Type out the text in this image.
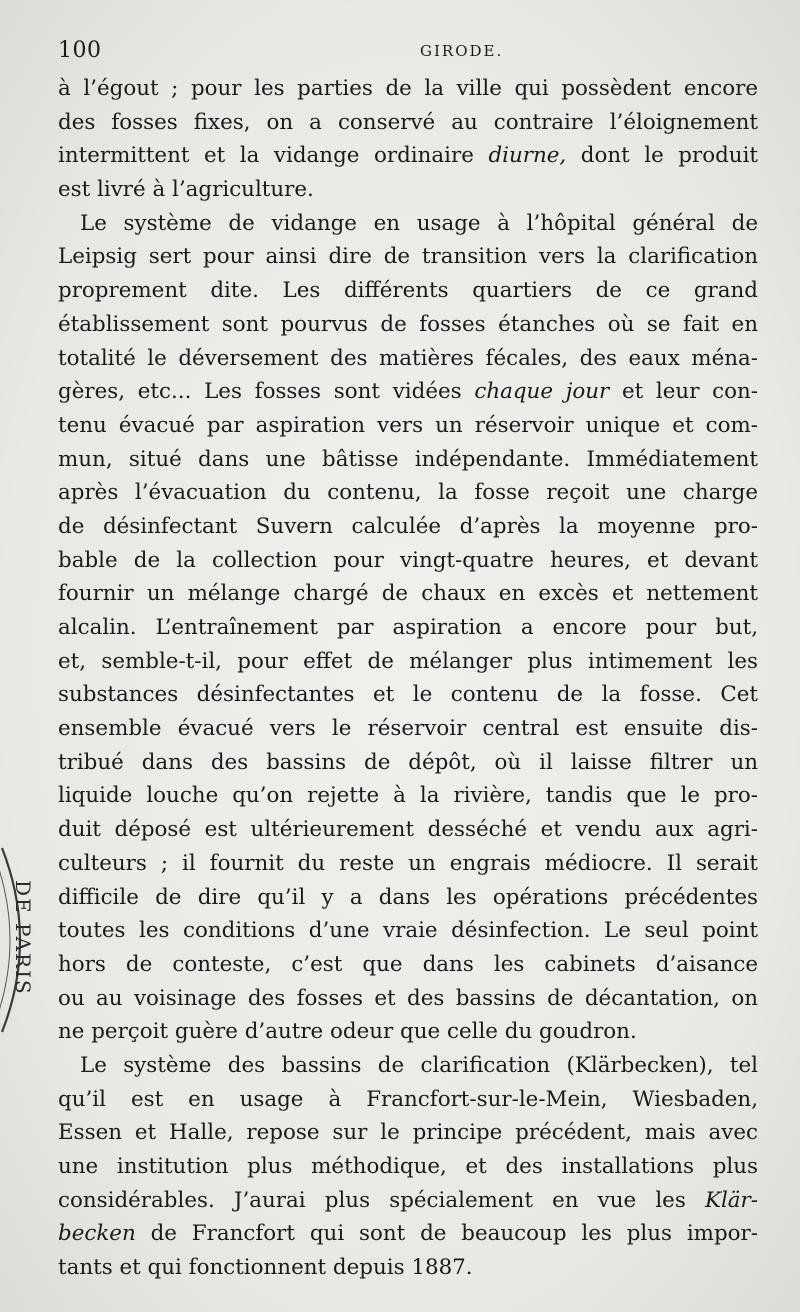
100	GIRODE.
DE PARIS
à l’égout ; pour les parties de la ville qui possèdent encore
des fosses fixes, on a conservé au contraire l’éloignement
intermittent et la vidange ordinaire diurne, dont le produit
est livré à l’agriculture.
Le système de vidange en usage à l’hôpital général de
Leipsig sert pour ainsi dire de transition vers la clarification
proprement dite. Les différents quartiers de ce grand
établissement sont pourvus de fosses étanches où se fait en
totalité le déversement des matières fécales, des eaux ména-
gères, etc... Les fosses sont vidées chaque jour et leur con-
tenu évacué par aspiration vers un réservoir unique et com-
mun, situé dans une bâtisse indépendante. Immédiatement
après l’évacuation du contenu, la fosse reçoit une charge
de désinfectant Suvern calculée d’après la moyenne pro-
bable de la collection pour vingt-quatre heures, et devant
fournir un mélange chargé de chaux en excès et nettement
alcalin. L’entraînement par aspiration a encore pour but,
et, semble-t-il, pour effet de mélanger plus intimement les
substances désinfectantes et le contenu de la fosse. Cet
ensemble évacué vers le réservoir central est ensuite dis-
tribué dans des bassins de dépôt, où il laisse filtrer un
liquide louche qu’on rejette à la rivière, tandis que le pro-
duit déposé est ultérieurement desséché et vendu aux agri-
culteurs ; il fournit du reste un engrais médiocre. Il serait
difficile de dire qu’il y a dans les opérations précédentes
toutes les conditions d’une vraie désinfection. Le seul point
hors de conteste, c’est que dans les cabinets d’aisance
ou au voisinage des fosses et des bassins de décantation, on
ne perçoit guère d’autre odeur que celle du goudron.
Le système des bassins de clarification (Klärbecken), tel
qu’il est en usage à Francfort-sur-le-Mein, Wiesbaden,
Essen et Halle, repose sur le principe précédent, mais avec
une institution plus méthodique, et des installations plus
considérables. J’aurai plus spécialement en vue les Klär-
becken de Francfort qui sont de beaucoup les plus impor-
tants et qui fonctionnent depuis 1887.
